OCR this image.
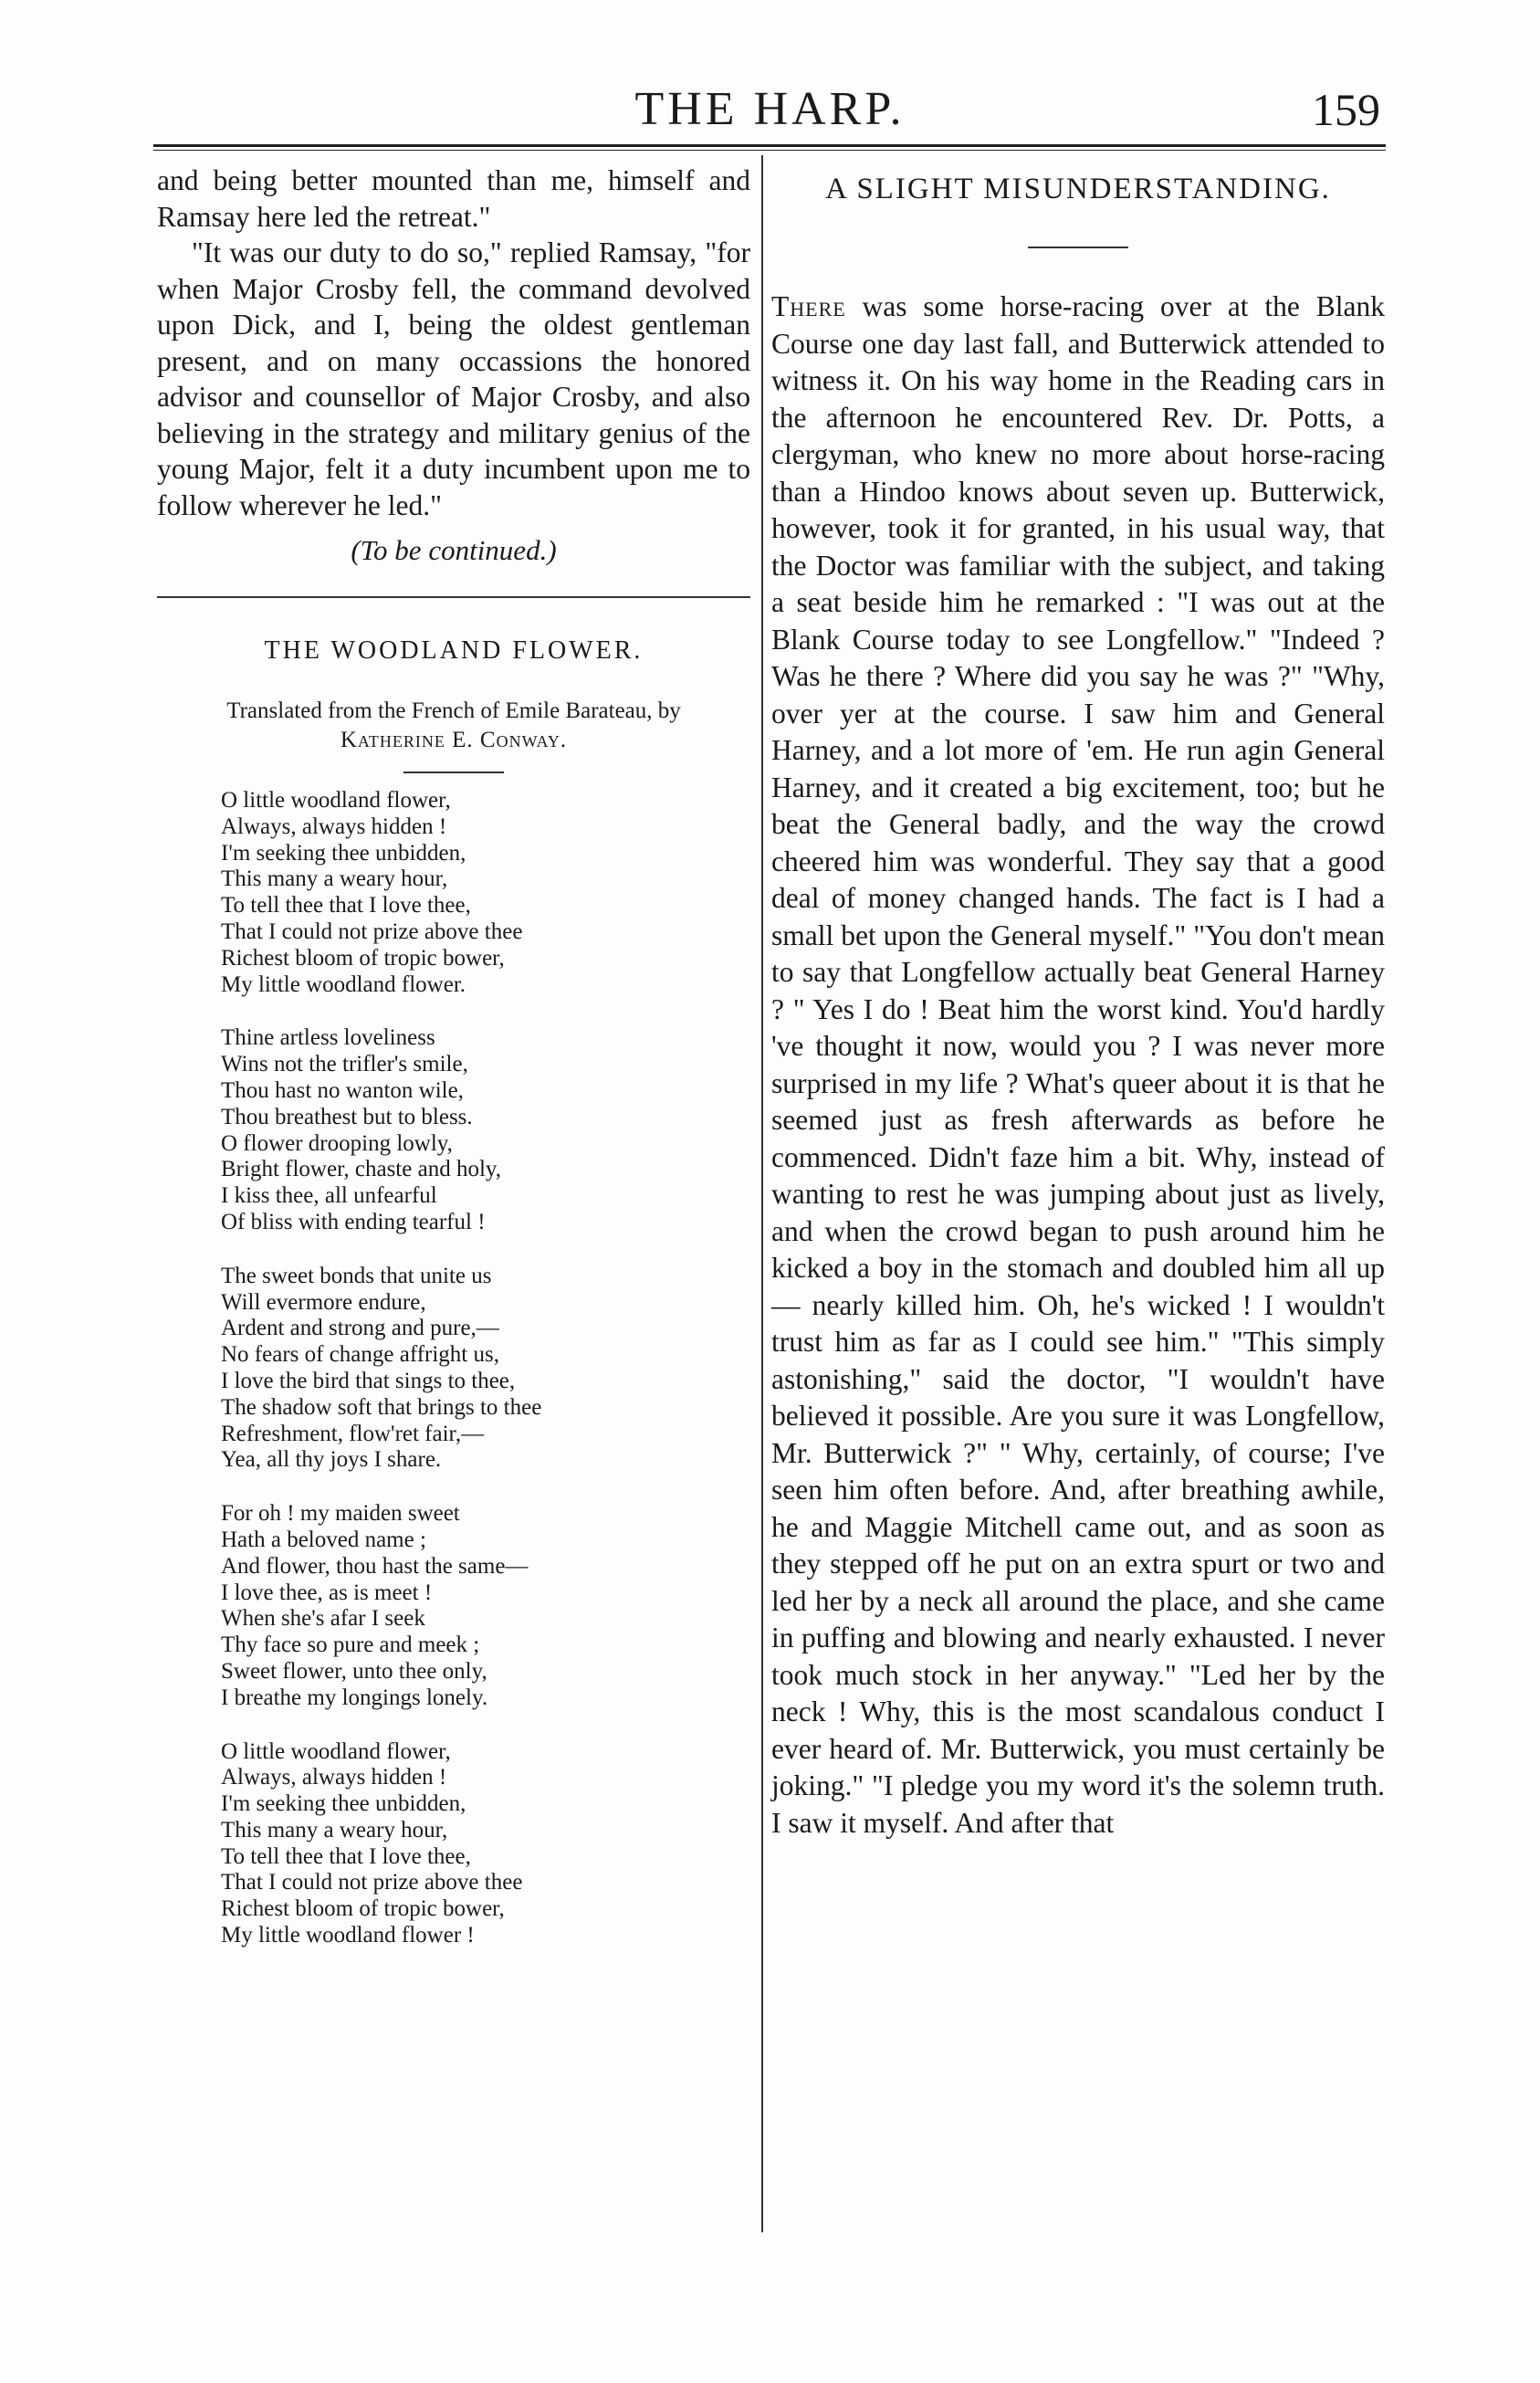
THE HARP.	159

and being better mounted than me, himself and Ramsay here led the retreat."

"It was our duty to do so," replied Ramsay, "for when Major Crosby fell, the command devolved upon Dick, and I, being the oldest gentleman present, and on many occassions the honored advisor and counsellor of Major Crosby, and also believing in the strategy and military genius of the young Major, felt it a duty incumbent upon me to follow wherever he led."

(To be continued.)
THE WOODLAND FLOWER.
Translated from the French of Emile Barateau, by Katherine E. Conway.
O little woodland flower,
Always, always hidden !
I'm seeking thee unbidden,
This many a weary hour,
To tell thee that I love thee,
That I could not prize above thee
Richest bloom of tropic bower,
My little woodland flower.
Thine artless loveliness
Wins not the trifler's smile,
Thou hast no wanton wile,
Thou breathest but to bless.
O flower drooping lowly,
Bright flower, chaste and holy,
I kiss thee, all unfearful
Of bliss with ending tearful !
The sweet bonds that unite us
Will evermore endure,
Ardent and strong and pure,—
No fears of change affright us,
I love the bird that sings to thee,
The shadow soft that brings to thee
Refreshment, flow'ret fair,—
Yea, all thy joys I share.
For oh ! my maiden sweet
Hath a beloved name ;
And flower, thou hast the same—
I love thee, as is meet !
When she's afar I seek
Thy face so pure and meek ;
Sweet flower, unto thee only,
I breathe my longings lonely.
O little woodland flower,
Always, always hidden !
I'm seeking thee unbidden,
This many a weary hour,
To tell thee that I love thee,
That I could not prize above thee
Richest bloom of tropic bower,
My little woodland flower !
A SLIGHT MISUNDERSTANDING.
There was some horse-racing over at the Blank Course one day last fall, and Butterwick attended to witness it. On his way home in the Reading cars in the afternoon he encountered Rev. Dr. Potts, a clergyman, who knew no more about horse-racing than a Hindoo knows about seven up. Butterwick, however, took it for granted, in his usual way, that the Doctor was familiar with the subject, and taking a seat beside him he remarked : "I was out at the Blank Course today to see Longfellow." "Indeed ? Was he there ? Where did you say he was ?" "Why, over yer at the course. I saw him and General Harney, and a lot more of 'em. He run agin General Harney, and it created a big excitement, too; but he beat the General badly, and the way the crowd cheered him was wonderful. They say that a good deal of money changed hands. The fact is I had a small bet upon the General myself." "You don't mean to say that Longfellow actually beat General Harney ? " Yes I do ! Beat him the worst kind. You'd hardly 've thought it now, would you ? I was never more surprised in my life ? What's queer about it is that he seemed just as fresh afterwards as before he commenced. Didn't faze him a bit. Why, instead of wanting to rest he was jumping about just as lively, and when the crowd began to push around him he kicked a boy in the stomach and doubled him all up— nearly killed him. Oh, he's wicked ! I wouldn't trust him as far as I could see him." "This simply astonishing," said the doctor, "I wouldn't have believed it possible. Are you sure it was Longfellow, Mr. Butterwick ?" " Why, certainly, of course; I've seen him often before. And, after breathing awhile, he and Maggie Mitchell came out, and as soon as they stepped off he put on an extra spurt or two and led her by a neck all around the place, and she came in puffing and blowing and nearly exhausted. I never took much stock in her anyway." "Led her by the neck ! Why, this is the most scandalous conduct I ever heard of. Mr. Butterwick, you must certainly be joking." "I pledge you my word it's the solemn truth. I saw it myself. And after that
